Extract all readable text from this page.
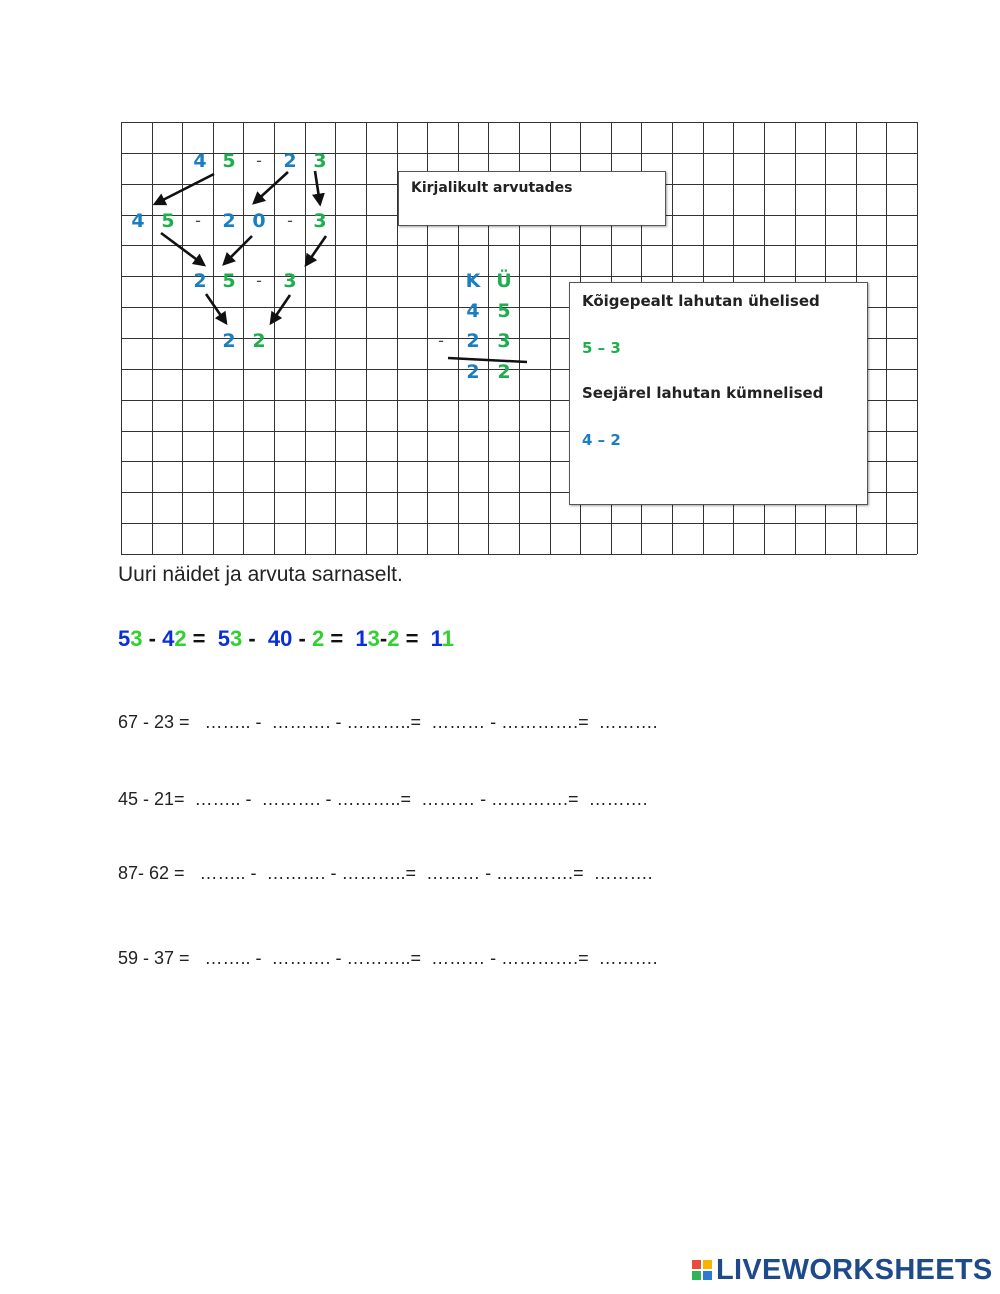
4 5 - 2 3
4 5 - 2 0 - 3
2 5 - 3
2 2
K Ü
4 5
- 2 3
2 2
Kirjalikult arvutades
Kõigepealt lahutan ühelised
5 – 3
Seejärel lahutan kümnelised
4 – 2
Uuri näidet ja arvuta sarnaselt.
53 - 42 =  53 -  40 - 2 =  13-2 =  11
67 - 23 =   …….. -  ………. - ………..=  ……… - ………….=  ……….
45 - 21=  …….. -  ………. - ………..=  ……… - ………….=  ……….
87- 62 =   …….. -  ………. - ………..=  ……… - ………….=  ……….
59 - 37 =   …….. -  ………. - ………..=  ……… - ………….=  ……….
LIVEWORKSHEETS
